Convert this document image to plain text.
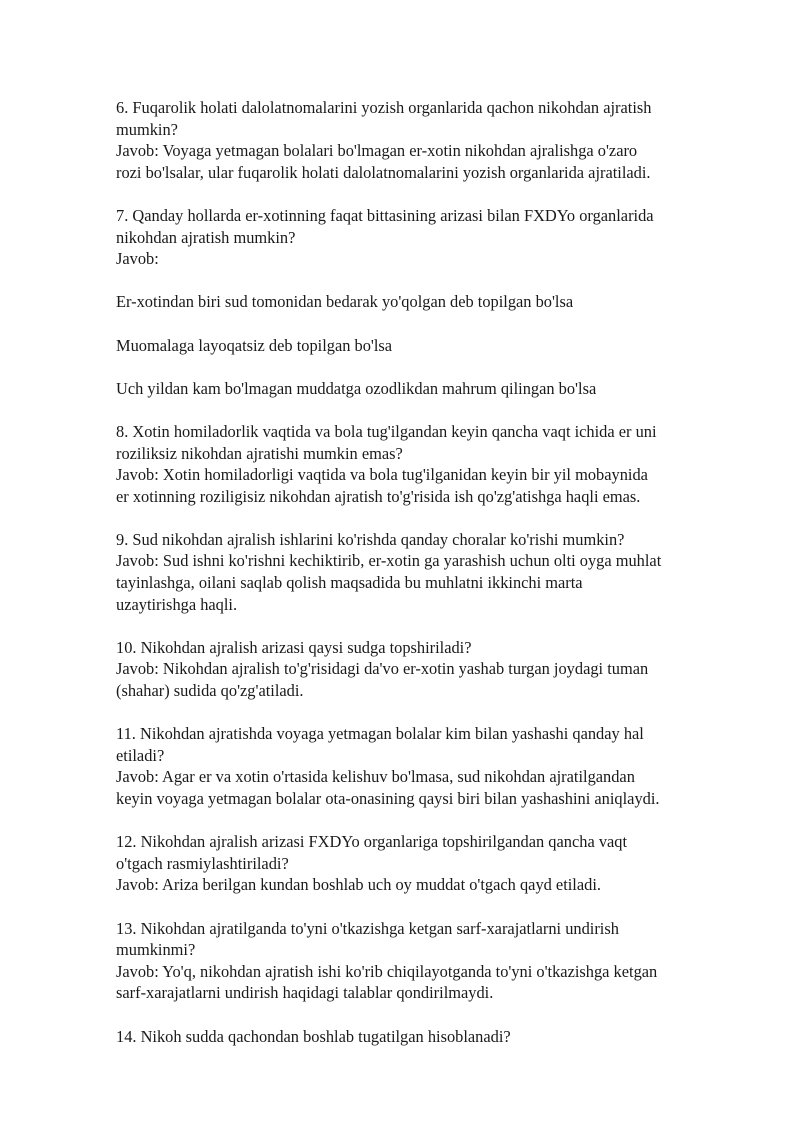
6. Fuqarolik holati dalolatnomalarini yozish organlarida qachon nikohdan ajratish
mumkin?
Javob: Voyaga yetmagan bolalari bo'lmagan er-xotin nikohdan ajralishga o'zaro
rozi bo'lsalar, ular fuqarolik holati dalolatnomalarini yozish organlarida ajratiladi.
7. Qanday hollarda er-xotinning faqat bittasining arizasi bilan FXDYo organlarida
nikohdan ajratish mumkin?
Javob:
Er-xotindan biri sud tomonidan bedarak yo'qolgan deb topilgan bo'lsa
Muomalaga layoqatsiz deb topilgan bo'lsa
Uch yildan kam bo'lmagan muddatga ozodlikdan mahrum qilingan bo'lsa
8. Xotin homiladorlik vaqtida va bola tug'ilgandan keyin qancha vaqt ichida er uni
roziliksiz nikohdan ajratishi mumkin emas?
Javob: Xotin homiladorligi vaqtida va bola tug'ilganidan keyin bir yil mobaynida
er xotinning roziligisiz nikohdan ajratish to'g'risida ish qo'zg'atishga haqli emas.
9. Sud nikohdan ajralish ishlarini ko'rishda qanday choralar ko'rishi mumkin?
Javob: Sud ishni ko'rishni kechiktirib, er-xotin ga yarashish uchun olti oyga muhlat
tayinlashga, oilani saqlab qolish maqsadida bu muhlatni ikkinchi marta
uzaytirishga haqli.
10. Nikohdan ajralish arizasi qaysi sudga topshiriladi?
Javob: Nikohdan ajralish to'g'risidagi da'vo er-xotin yashab turgan joydagi tuman
(shahar) sudida qo'zg'atiladi.
11. Nikohdan ajratishda voyaga yetmagan bolalar kim bilan yashashi qanday hal
etiladi?
Javob: Agar er va xotin o'rtasida kelishuv bo'lmasa, sud nikohdan ajratilgandan
keyin voyaga yetmagan bolalar ota-onasining qaysi biri bilan yashashini aniqlaydi.
12. Nikohdan ajralish arizasi FXDYo organlariga topshirilgandan qancha vaqt
o'tgach rasmiylashtiriladi?
Javob: Ariza berilgan kundan boshlab uch oy muddat o'tgach qayd etiladi.
13. Nikohdan ajratilganda to'yni o'tkazishga ketgan sarf-xarajatlarni undirish
mumkinmi?
Javob: Yo'q, nikohdan ajratish ishi ko'rib chiqilayotganda to'yni o'tkazishga ketgan
sarf-xarajatlarni undirish haqidagi talablar qondirilmaydi.
14. Nikoh sudda qachondan boshlab tugatilgan hisoblanadi?
